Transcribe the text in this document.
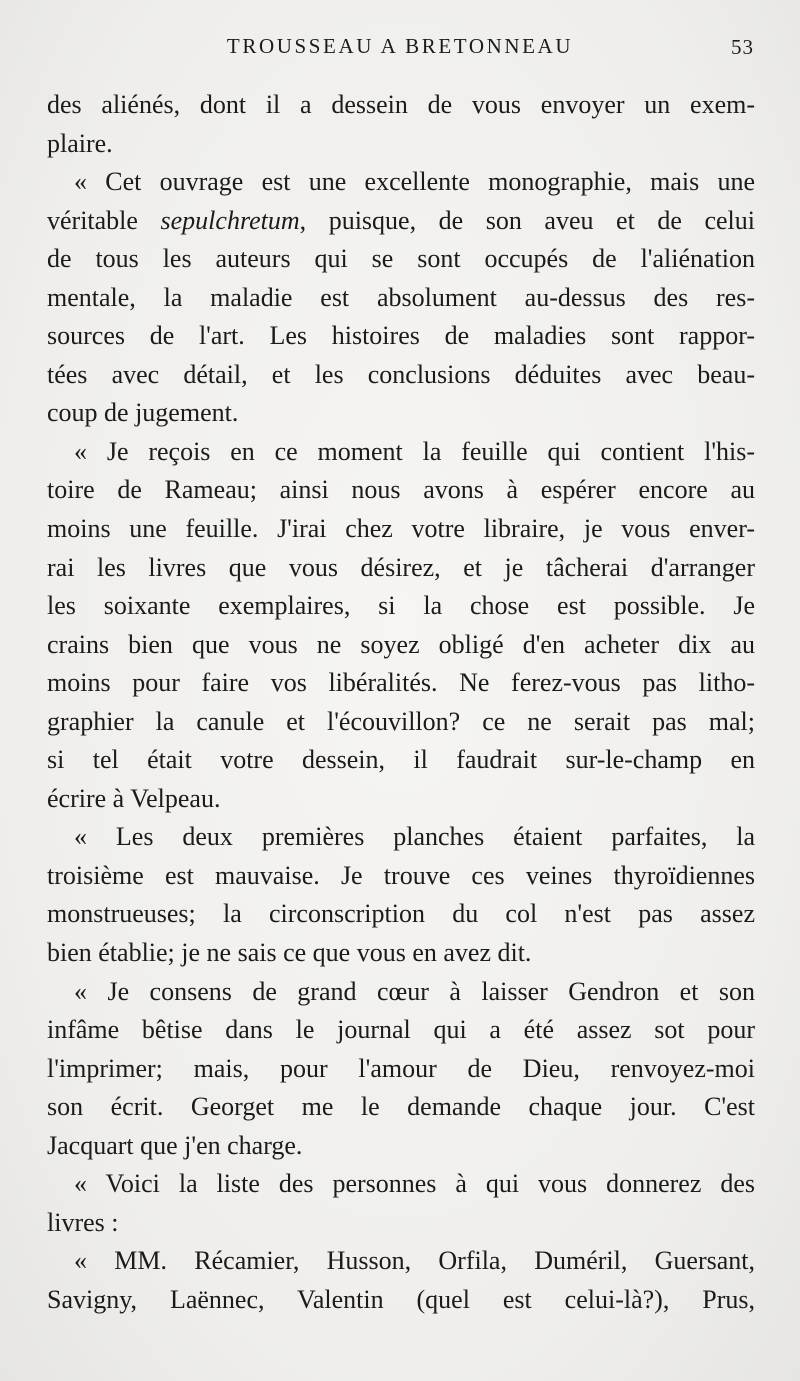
TROUSSEAU A BRETONNEAU	53
des aliénés, dont il a dessein de vous envoyer un exem-
plaire.
« Cet ouvrage est une excellente monographie, mais une
véritable sepulchretum, puisque, de son aveu et de celui
de tous les auteurs qui se sont occupés de l'aliénation
mentale, la maladie est absolument au-dessus des res-
sources de l'art. Les histoires de maladies sont rappor-
tées avec détail, et les conclusions déduites avec beau-
coup de jugement.
« Je reçois en ce moment la feuille qui contient l'his-
toire de Rameau; ainsi nous avons à espérer encore au
moins une feuille. J'irai chez votre libraire, je vous enver-
rai les livres que vous désirez, et je tâcherai d'arranger
les soixante exemplaires, si la chose est possible. Je
crains bien que vous ne soyez obligé d'en acheter dix au
moins pour faire vos libéralités. Ne ferez-vous pas litho-
graphier la canule et l'écouvillon? ce ne serait pas mal;
si tel était votre dessein, il faudrait sur-le-champ en
écrire à Velpeau.
« Les deux premières planches étaient parfaites, la
troisième est mauvaise. Je trouve ces veines thyroïdiennes
monstrueuses; la circonscription du col n'est pas assez
bien établie; je ne sais ce que vous en avez dit.
« Je consens de grand cœur à laisser Gendron et son
infâme bêtise dans le journal qui a été assez sot pour
l'imprimer; mais, pour l'amour de Dieu, renvoyez-moi
son écrit. Georget me le demande chaque jour. C'est
Jacquart que j'en charge.
« Voici la liste des personnes à qui vous donnerez des
livres :
« MM. Récamier, Husson, Orfila, Duméril, Guersant,
Savigny, Laënnec, Valentin (quel est celui-là?), Prus,
